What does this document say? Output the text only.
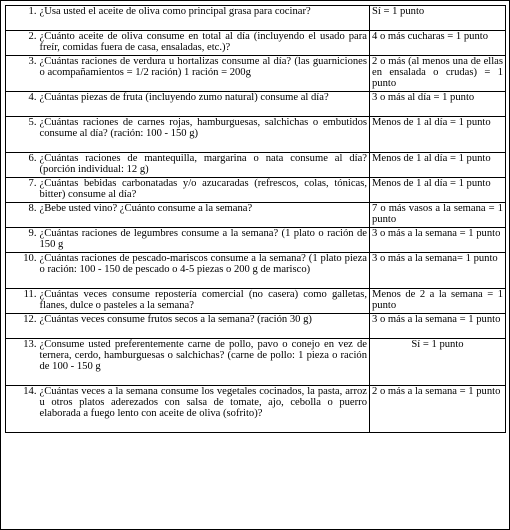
1.	¿Usa usted el aceite de oliva como principal grasa para cocinar?	Sí = 1 punto
2.	¿Cuánto aceite de oliva consume en total al día (incluyendo el usado para freír, comidas fuera de casa, ensaladas, etc.)?	4 o más cucharas = 1 punto
3.	¿Cuántas raciones de verdura u hortalizas consume al día? (las guarniciones o acompañamientos = 1/2 ración) 1 ración = 200g	2 o más (al menos una de ellas en ensalada o crudas) = 1 punto
4.	¿Cuántas piezas de fruta (incluyendo zumo natural) consume al día?	3 o más al día = 1 punto
5.	¿Cuántas raciones de carnes rojas, hamburguesas, salchichas o embutidos consume al día? (ración: 100 - 150 g)	Menos de 1 al día = 1 punto
6.	¿Cuántas raciones de mantequilla, margarina o nata consume al día? (porción individual: 12 g)	Menos de 1 al día = 1 punto
7.	¿Cuántas bebidas carbonatadas y/o azucaradas (refrescos, colas, tónicas, bitter) consume al día?	Menos de 1 al día = 1 punto
8.	¿Bebe usted vino? ¿Cuánto consume a la semana?	7 o más vasos a la semana = 1 punto
9.	¿Cuántas raciones de legumbres consume a la semana? (1 plato o ración de 150 g	3 o más a la semana = 1 punto
10.	¿Cuántas raciones de pescado-mariscos consume a la semana? (1 plato pieza o ración: 100 - 150 de pescado o 4-5 piezas o 200 g de marisco)	3 o más a la semana= 1 punto
11.	¿Cuántas veces consume repostería comercial (no casera) como galletas, flanes, dulce o pasteles a la semana?	Menos de 2 a la semana = 1 punto
12.	¿Cuántas veces consume frutos secos a la semana? (ración 30 g)	3 o más a la semana = 1 punto
13.	¿Consume usted preferentemente carne de pollo, pavo o conejo en vez de ternera, cerdo, hamburguesas o salchichas? (carne de pollo: 1 pieza o ración de 100 - 150 g	Sí = 1 punto
14.	¿Cuántas veces a la semana consume los vegetales cocinados, la pasta, arroz u otros platos aderezados con salsa de tomate, ajo, cebolla o puerro elaborada a fuego lento con aceite de oliva (sofrito)?	2 o más a la semana = 1 punto
